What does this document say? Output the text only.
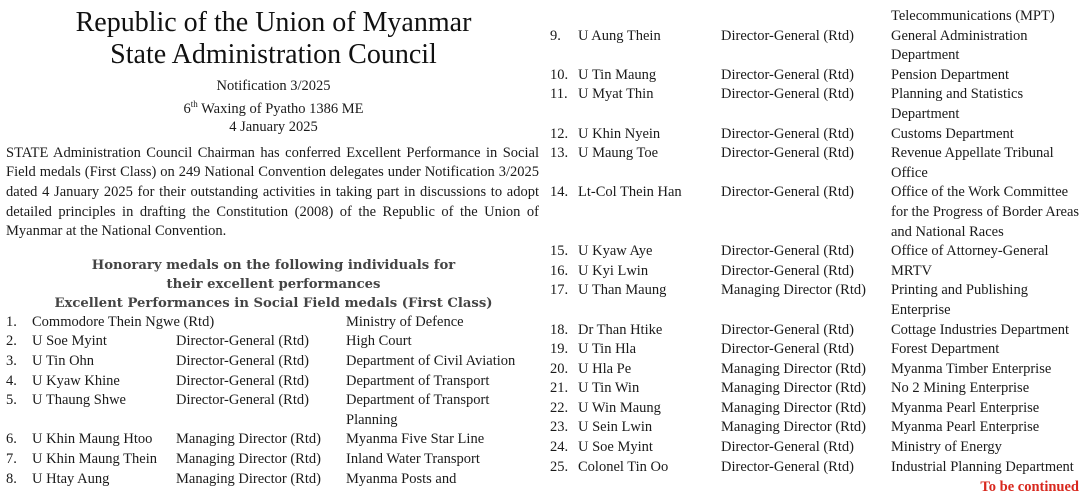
Republic of the Union of Myanmar
State Administration Council
Notification 3/2025
6th Waxing of Pyatho 1386 ME
4 January 2025
STATE Administration Council Chairman has conferred Excellent Performance in Social Field medals (First Class) on 249 National Convention delegates under Notification 3/2025 dated 4 January 2025 for their outstanding activities in taking part in discussions to adopt detailed principles in drafting the Constitution (2008) of the Republic of the Union of Myanmar at the National Convention.
Honorary medals on the following individuals for
their excellent performances
Excellent Performances in Social Field medals (First Class)
1.	Commodore Thein Ngwe (Rtd)		Ministry of Defence
2.	U Soe Myint	Director-General (Rtd)	High Court
3.	U Tin Ohn	Director-General (Rtd)	Department of Civil Aviation
4.	U Kyaw Khine	Director-General (Rtd)	Department of Transport
5.	U Thaung Shwe	Director-General (Rtd)	Department of Transport Planning
6.	U Khin Maung Htoo	Managing Director (Rtd)	Myanma Five Star Line
7.	U Khin Maung Thein	Managing Director (Rtd)	Inland Water Transport
8.	U Htay Aung	Managing Director (Rtd)	Myanma Posts and
			Telecommunications (MPT)
9.	U Aung Thein	Director-General (Rtd)	General Administration Department
10.	U Tin Maung	Director-General (Rtd)	Pension Department
11.	U Myat Thin	Director-General (Rtd)	Planning and Statistics Department
12.	U Khin Nyein	Director-General (Rtd)	Customs Department
13.	U Maung Toe	Director-General (Rtd)	Revenue Appellate Tribunal Office
14.	Lt-Col Thein Han	Director-General (Rtd)	Office of the Work Committee for the Progress of Border Areas and National Races
15.	U Kyaw Aye	Director-General (Rtd)	Office of Attorney-General
16.	U Kyi Lwin	Director-General (Rtd)	MRTV
17.	U Than Maung	Managing Director (Rtd)	Printing and Publishing Enterprise
18.	Dr Than Htike	Director-General (Rtd)	Cottage Industries Department
19.	U Tin Hla	Director-General (Rtd)	Forest Department
20.	U Hla Pe	Managing Director (Rtd)	Myanma Timber Enterprise
21.	U Tin Win	Managing Director (Rtd)	No 2 Mining Enterprise
22.	U Win Maung	Managing Director (Rtd)	Myanma Pearl Enterprise
23.	U Sein Lwin	Managing Director (Rtd)	Myanma Pearl Enterprise
24.	U Soe Myint	Director-General (Rtd)	Ministry of Energy
25.	Colonel Tin Oo	Director-General (Rtd)	Industrial Planning Department
To be continued
